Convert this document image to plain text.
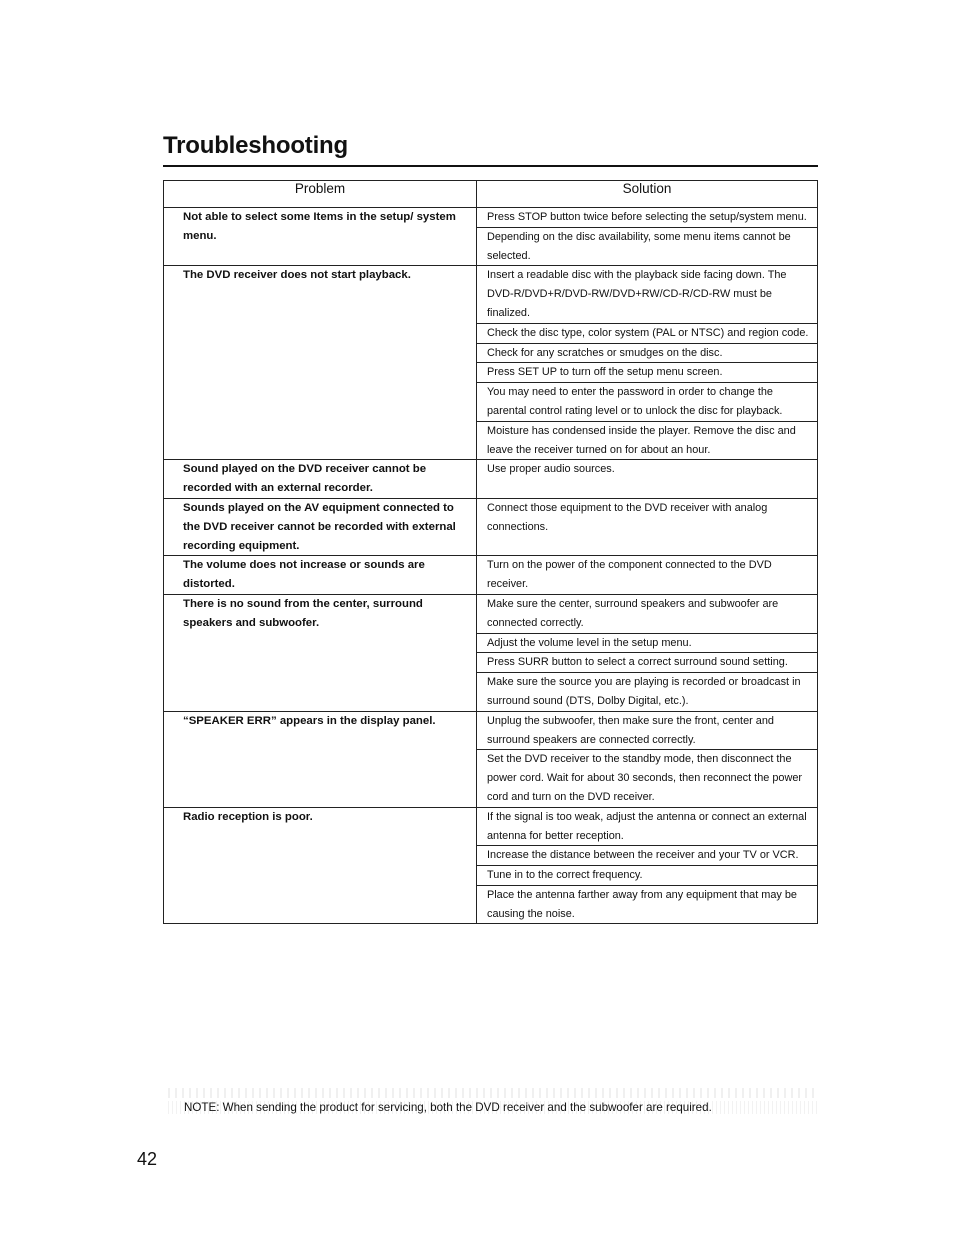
Troubleshooting
Problem	Solution
Not able to select some Items in the setup/ system menu.	Press STOP button twice before selecting the setup/system menu.
	Depending on the disc availability, some menu items cannot be selected.
The DVD receiver does not start playback.	Insert a readable disc with the playback side facing down. The DVD-R/DVD+R/DVD-RW/DVD+RW/CD-R/CD-RW must be finalized.
	Check the disc type, color system (PAL or NTSC) and region code.
	Check for any scratches or smudges on the disc.
	Press SET UP to turn off the setup menu screen.
	You may need to enter the password in order to change the parental control rating level or to unlock the disc for playback.
	Moisture has condensed inside the player. Remove the disc and leave the receiver turned on for about an hour.
Sound played on the DVD receiver cannot be recorded with an external recorder.	Use proper audio sources.
Sounds played on the AV equipment connected to the DVD receiver cannot be recorded with external recording equipment.	Connect those equipment to the DVD receiver with analog connections.
The volume does not increase or sounds are distorted.	Turn on the power of the component connected to the DVD receiver.
There is no sound from the center, surround speakers and subwoofer.	Make sure the center, surround speakers and subwoofer are connected correctly.
	Adjust the volume level in the setup menu.
	Press SURR button to select a correct surround sound setting.
	Make sure the source you are playing is recorded or broadcast in surround sound (DTS, Dolby Digital, etc.).
“SPEAKER ERR” appears in the display panel.	Unplug the subwoofer, then make sure the front, center and surround speakers are connected correctly.
	Set the DVD receiver to the standby mode, then disconnect the power cord. Wait for about 30 seconds, then reconnect the power cord and turn on the DVD receiver.
Radio reception is poor.	If the signal is too weak, adjust the antenna or connect an external antenna for better reception.
	Increase the distance between the receiver and your TV or VCR.
	Tune in to the correct frequency.
	Place the antenna farther away from any equipment that may be causing the noise.
NOTE: When sending the product for servicing, both the DVD receiver and the subwoofer are required.
42
